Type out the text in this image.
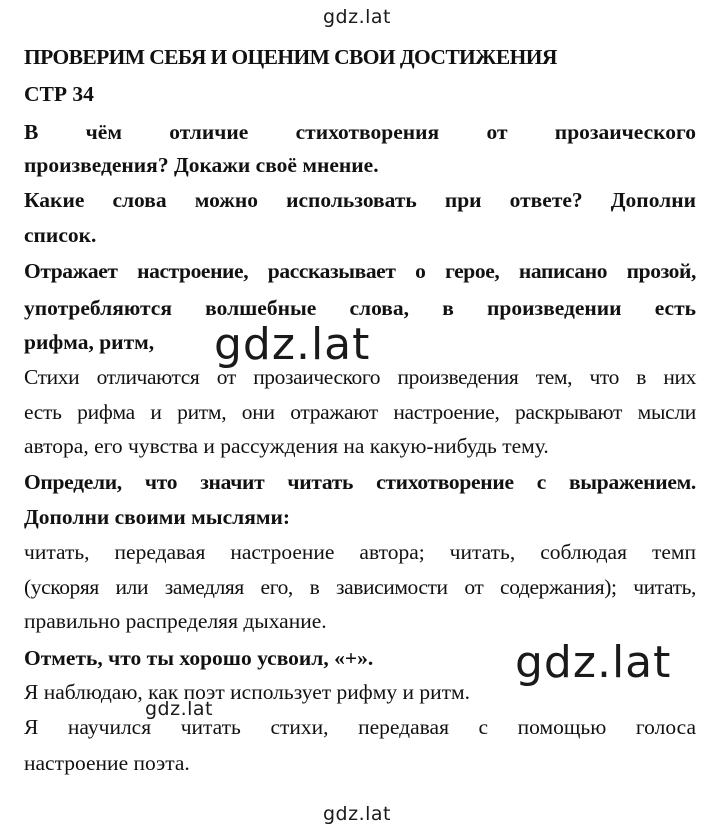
gdz.lat
ПРОВЕРИМ СЕБЯ И ОЦЕНИМ СВОИ ДОСТИЖЕНИЯ
СТР 34
В чём отличие стихотворения от прозаического
произведения? Докажи своё мнение.
Какие слова можно использовать при ответе? Дополни
список.
Отражает настроение, рассказывает о герое, написано прозой,
употребляются волшебные слова, в произведении есть
рифма, ритм,
Стихи отличаются от прозаического произведения тем, что в них
есть рифма и ритм, они отражают настроение, раскрывают мысли
автора, его чувства и рассуждения на какую-нибудь тему.
Определи, что значит читать стихотворение с выражением.
Дополни своими мыслями:
читать, передавая настроение автора; читать, соблюдая темп
(ускоряя или замедляя его, в зависимости от содержания); читать,
правильно распределяя дыхание.
Отметь, что ты хорошо усвоил, «+».
Я наблюдаю, как поэт использует рифму и ритм.
Я научился читать стихи, передавая с помощью голоса
настроение поэта.
gdz.lat
gdz.lat
gdz.lat
gdz.lat
